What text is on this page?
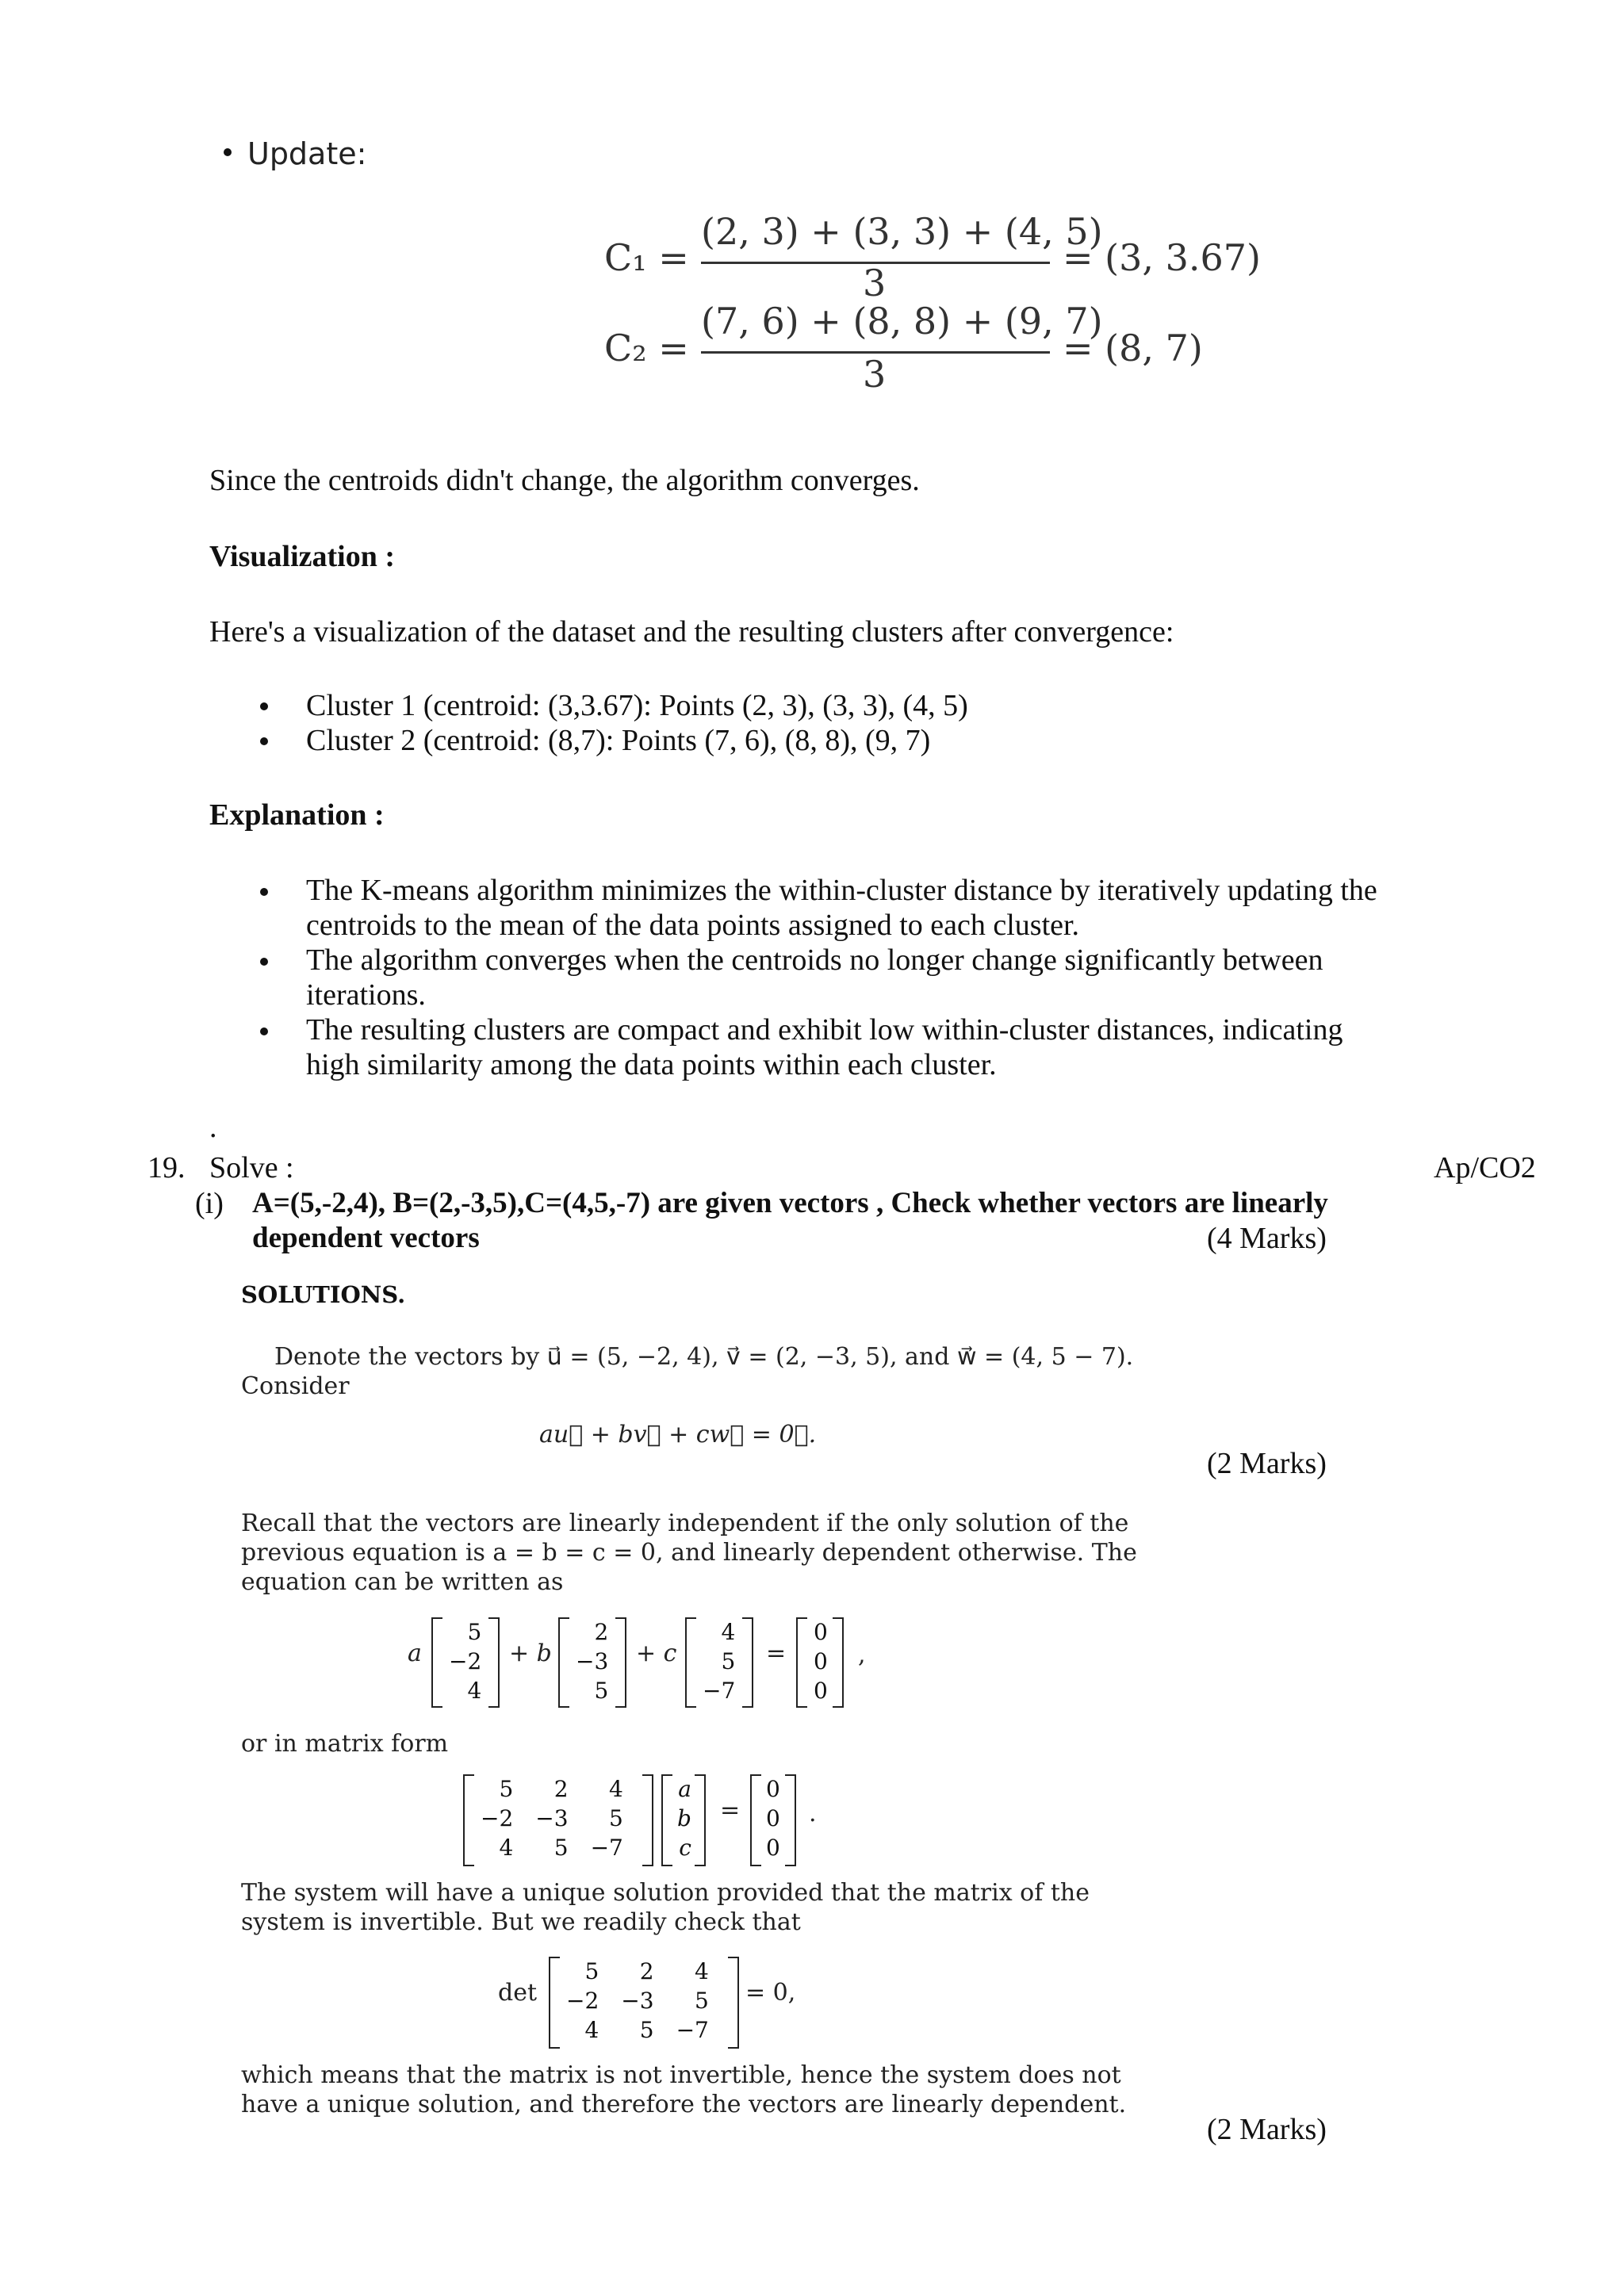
Update:
C₁ =
(2, 3) + (3, 3) + (4, 5)
3
= (3, 3.67)
C₂ =
(7, 6) + (8, 8) + (9, 7)
3
= (8, 7)
Since the centroids didn't change, the algorithm converges.
Visualization :
Here's a visualization of the dataset and the resulting clusters after convergence:
Cluster 1 (centroid: (3,3.67): Points (2, 3), (3, 3), (4, 5)
Cluster 2 (centroid: (8,7): Points (7, 6), (8, 8), (9, 7)
Explanation :
The K-means algorithm minimizes the within-cluster distance by iteratively updating the
centroids to the mean of the data points assigned to each cluster.
The algorithm converges when the centroids no longer change significantly between
iterations.
The resulting clusters are compact and exhibit low within-cluster distances, indicating
high similarity among the data points within each cluster.
.
19. Solve :	Ap/CO2
(i) A=(5,-2,4), B=(2,-3,5),C=(4,5,-7) are given vectors , Check whether vectors are linearly
dependent vectors	(4 Marks)
SOLUTIONS.
Denote the vectors by u⃗ = (5, −2, 4), v⃗ = (2, −3, 5), and w⃗ = (4, 5 − 7).
Consider
au⃗ + bv⃗ + cw⃗ = 0⃗.
(2 Marks)
Recall that the vectors are linearly independent if the only solution of the
previous equation is a = b = c = 0, and linearly dependent otherwise. The
equation can be written as
a
5
−2
4
+ b
2
−3
5
+ c
4
5
−7
=
0
0
0
,
or in matrix form
5	2	4
−2	−3	5
4	5	−7
a
b
c
=
0
0
0
.
The system will have a unique solution provided that the matrix of the
system is invertible. But we readily check that
det
5	2	4
−2	−3	5
4	5	−7
= 0,
which means that the matrix is not invertible, hence the system does not
have a unique solution, and therefore the vectors are linearly dependent.
(2 Marks)
